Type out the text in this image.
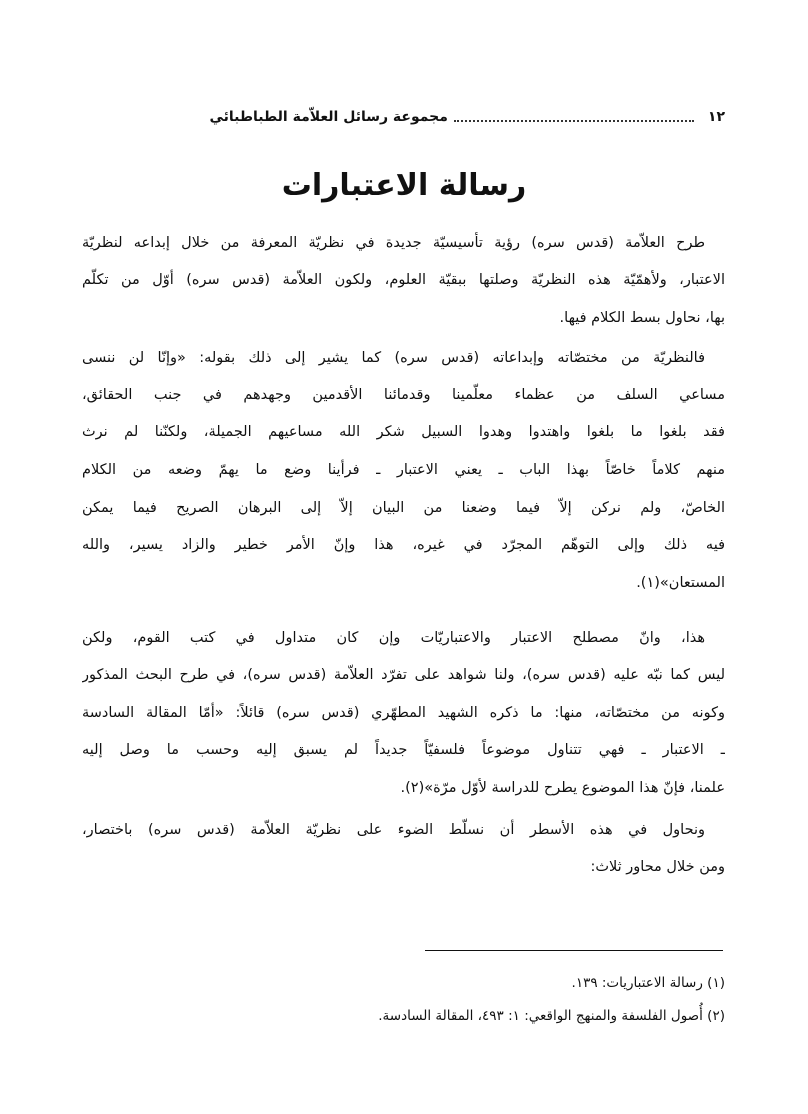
١٢
مجموعة رسائل العلاّمة الطباطبائي
رسالة الاعتبارات
طرح العلاّمة (قدس سره) رؤية تأسيسيّة جديدة في نظريّة المعرفة من خلال إبداعه لنظريّة
الاعتبار، ولأهمّيّة هذه النظريّة وصلتها ببقيّة العلوم، ولكون العلاّمة (قدس سره) أوّل من تكلّم
بها، نحاول بسط الكلام فيها.
فالنظريّة من مختصّاته وإبداعاته (قدس سره) كما يشير إلى ذلك بقوله: «وإنّا لن ننسى
مساعي السلف من عظماء معلّمينا وقدمائنا الأقدمين وجهدهم في جنب الحقائق،
فقد بلغوا ما بلغوا واهتدوا وهدوا السبيل شكر الله مساعيهم الجميلة، ولكنّنا لم نرث
منهم كلاماً خاصّاً بهذا الباب ـ يعني الاعتبار ـ فرأينا وضع ما يهمّ وضعه من الكلام
الخاصّ، ولم نركن إلاّ فيما وضعنا من البيان إلاّ إلى البرهان الصريح فيما يمكن
فيه ذلك وإلى التوهّم المجرّد في غيره، هذا وإنّ الأمر خطير والزاد يسير، والله
المستعان»(١).
هذا، وانّ مصطلح الاعتبار والاعتباريّات وإن كان متداول في كتب القوم، ولكن
ليس كما نبّه عليه (قدس سره)، ولنا شواهد على تفرّد العلاّمة (قدس سره)، في طرح البحث المذكور
وكونه من مختصّاته، منها: ما ذكره الشهيد المطهّري (قدس سره) قائلاً: «أمّا المقالة السادسة
ـ الاعتبار ـ فهي تتناول موضوعاً فلسفيّاً جديداً لم يسبق إليه وحسب ما وصل إليه
علمنا، فإنّ هذا الموضوع يطرح للدراسة لأوّل مرّة»(٢).
ونحاول في هذه الأسطر أن نسلّط الضوء على نظريّة العلاّمة (قدس سره) باختصار،
ومن خلال محاور ثلاث:
(١) رسالة الاعتباريات: ١٣٩.
(٢) أُصول الفلسفة والمنهج الواقعي: ١: ٤٩٣، المقالة السادسة.
